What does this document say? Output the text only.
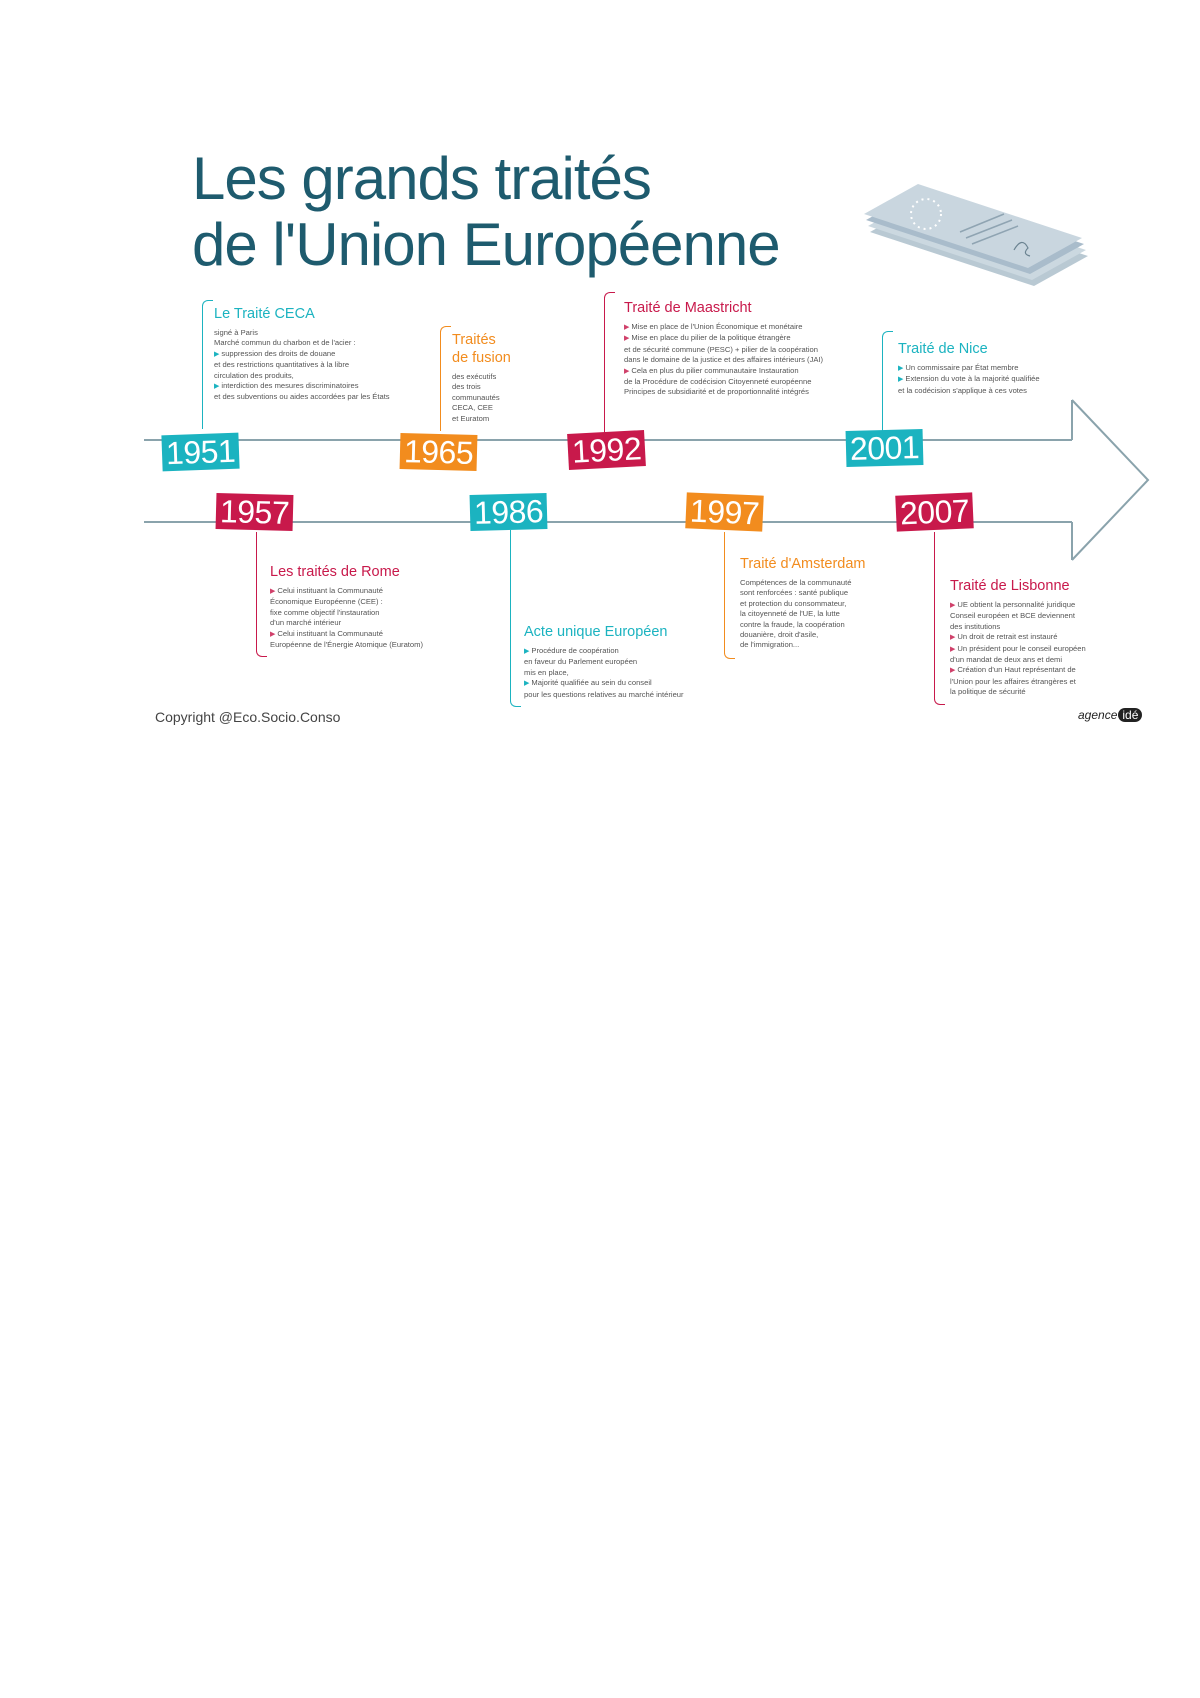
Les grands traités
de l'Union Européenne
1951	1965	1992	2001
1957	1986	1997	2007
Le Traité CECA
signé à Paris
Marché commun du charbon et de l'acier :
▶ suppression des droits de douane
et des restrictions quantitatives à la libre
circulation des produits,
▶ interdiction des mesures discriminatoires
et des subventions ou aides accordées par les États
Traités
de fusion
des exécutifs
des trois
communautés
CECA, CEE
et Euratom
Traité de Maastricht
▶ Mise en place de l'Union Économique et monétaire
▶ Mise en place du pilier de la politique étrangère
et de sécurité commune (PESC) + pilier de la coopération
dans le domaine de la justice et des affaires intérieurs (JAI)
▶ Cela en plus du pilier communautaire Instauration
de la Procédure de codécision Citoyenneté européenne
Principes de subsidiarité et de proportionnalité intégrés
Traité de Nice
▶ Un commissaire par État membre
▶ Extension du vote à la majorité qualifiée
et la codécision s'applique à ces votes
Les traités de Rome
▶ Celui instituant la Communauté
Économique Européenne (CEE) :
fixe comme objectif l'instauration
d'un marché intérieur
▶ Celui instituant la Communauté
Européenne de l'Énergie Atomique (Euratom)
Acte unique Européen
▶ Procédure de coopération
en faveur du Parlement européen
mis en place,
▶ Majorité qualifiée au sein du conseil
pour les questions relatives au marché intérieur
Traité d'Amsterdam
Compétences de la communauté
sont renforcées : santé publique
et protection du consommateur,
la citoyenneté de l'UE, la lutte
contre la fraude, la coopération
douanière, droit d'asile,
de l'immigration...
Traité de Lisbonne
▶ UE obtient la personnalité juridique
Conseil européen et BCE deviennent
des institutions
▶ Un droit de retrait est instauré
▶ Un président pour le conseil européen
d'un mandat de deux ans et demi
▶ Création d'un Haut représentant de
l'Union pour les affaires étrangères et
la politique de sécurité
Copyright @Eco.Socio.Conso	agence idé
